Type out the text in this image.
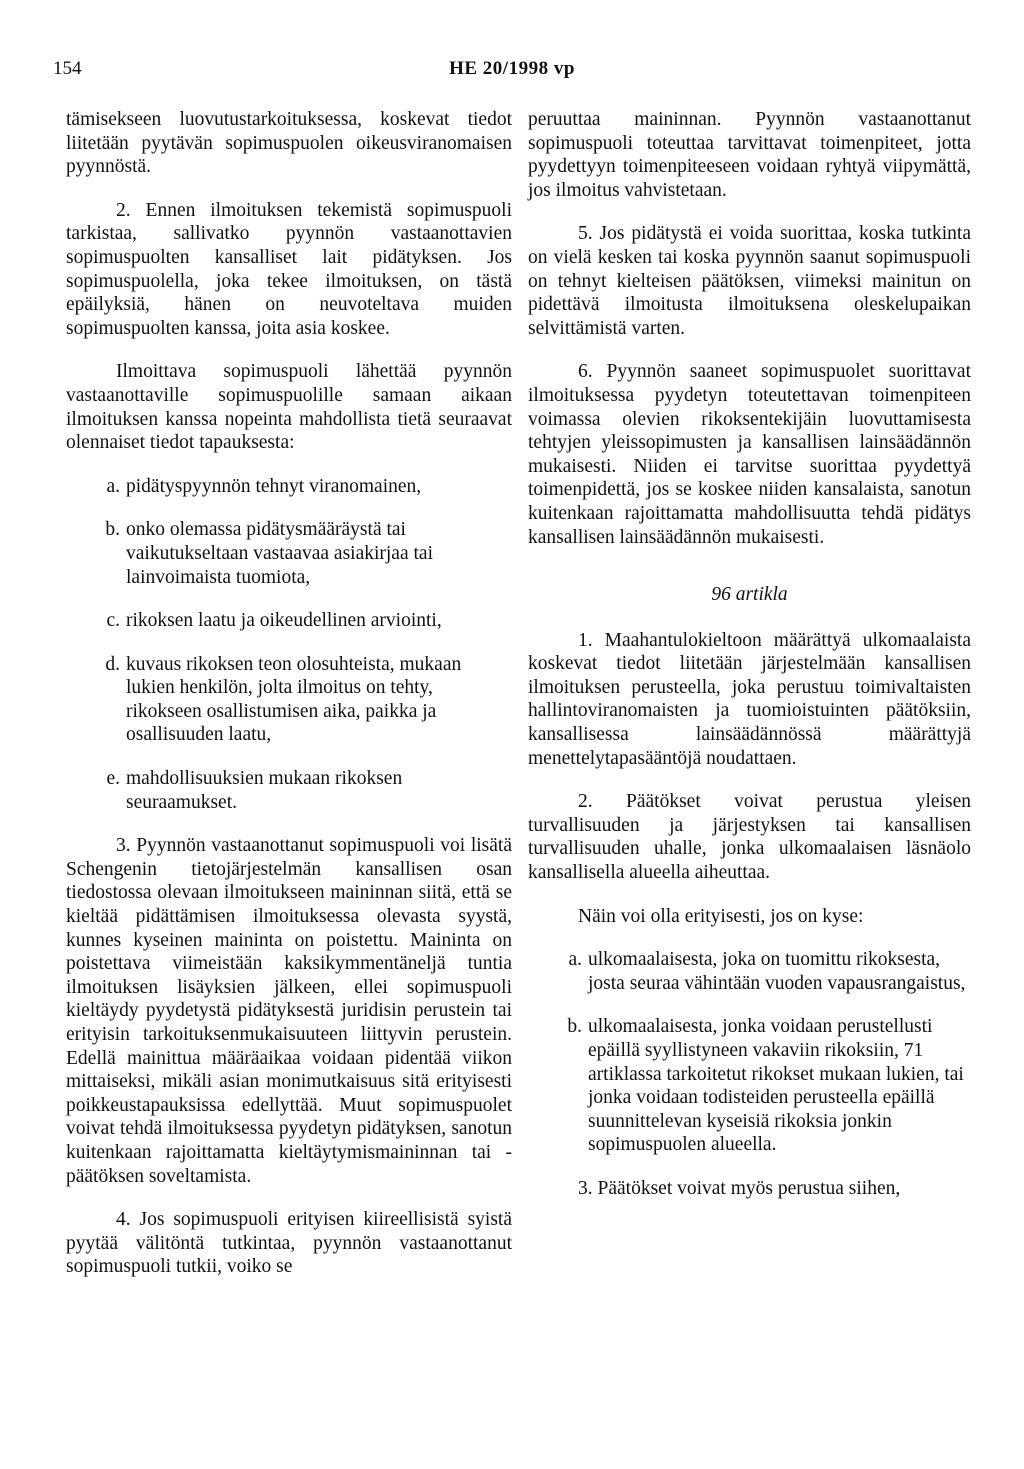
154	HE 20/1998 vp

tämisekseen luovutustarkoituksessa, koskevat tiedot liitetään pyytävän sopimuspuolen oikeusviranomaisen pyynnöstä.

2. Ennen ilmoituksen tekemistä sopimuspuoli tarkistaa, sallivatko pyynnön vastaanottavien sopimuspuolten kansalliset lait pidätyksen. Jos sopimuspuolella, joka tekee ilmoituksen, on tästä epäilyksiä, hänen on neuvoteltava muiden sopimuspuolten kanssa, joita asia koskee.

Ilmoittava sopimuspuoli lähettää pyynnön vastaanottaville sopimuspuolille samaan aikaan ilmoituksen kanssa nopeinta mahdollista tietä seuraavat olennaiset tiedot tapauksesta:

a. pidätyspyynnön tehnyt viranomainen,
b. onko olemassa pidätysmääräystä tai vaikutukseltaan vastaavaa asiakirjaa tai lainvoimaista tuomiota,
c. rikoksen laatu ja oikeudellinen arviointi,
d. kuvaus rikoksen teon olosuhteista, mukaan lukien henkilön, jolta ilmoitus on tehty, rikokseen osallistumisen aika, paikka ja osallisuuden laatu,
e. mahdollisuuksien mukaan rikoksen seuraamukset.

3. Pyynnön vastaanottanut sopimuspuoli voi lisätä Schengenin tietojärjestelmän kansallisen osan tiedostossa olevaan ilmoitukseen maininnan siitä, että se kieltää pidättämisen ilmoituksessa olevasta syystä, kunnes kyseinen maininta on poistettu. Maininta on poistettava viimeistään kaksikymmentäneljä tuntia ilmoituksen lisäyksien jälkeen, ellei sopimuspuoli kieltäydy pyydetystä pidätyksestä juridisin perustein tai erityisin tarkoituksenmukaisuuteen liittyvin perustein. Edellä mainittua määräaikaa voidaan pidentää viikon mittaiseksi, mikäli asian monimutkaisuus sitä erityisesti poikkeustapauksissa edellyttää. Muut sopimuspuolet voivat tehdä ilmoituksessa pyydetyn pidätyksen, sanotun kuitenkaan rajoittamatta kieltäytymismaininnan tai -päätöksen soveltamista.

4. Jos sopimuspuoli erityisen kiireellisistä syistä pyytää välitöntä tutkintaa, pyynnön vastaanottanut sopimuspuoli tutkii, voiko se

peruuttaa maininnan. Pyynnön vastaanottanut sopimuspuoli toteuttaa tarvittavat toimenpiteet, jotta pyydettyyn toimenpiteeseen voidaan ryhtyä viipymättä, jos ilmoitus vahvistetaan.

5. Jos pidätystä ei voida suorittaa, koska tutkinta on vielä kesken tai koska pyynnön saanut sopimuspuoli on tehnyt kielteisen päätöksen, viimeksi mainitun on pidettävä ilmoitusta ilmoituksena oleskelupaikan selvittämistä varten.

6. Pyynnön saaneet sopimuspuolet suorittavat ilmoituksessa pyydetyn toteutettavan toimenpiteen voimassa olevien rikoksentekijäin luovuttamisesta tehtyjen yleissopimusten ja kansallisen lainsäädännön mukaisesti. Niiden ei tarvitse suorittaa pyydettyä toimenpidettä, jos se koskee niiden kansalaista, sanotun kuitenkaan rajoittamatta mahdollisuutta tehdä pidätys kansallisen lainsäädännön mukaisesti.

96 artikla

1. Maahantulokieltoon määrättyä ulkomaalaista koskevat tiedot liitetään järjestelmään kansallisen ilmoituksen perusteella, joka perustuu toimivaltaisten hallintoviranomaisten ja tuomioistuinten päätöksiin, kansallisessa lainsäädännössä määrättyjä menettelytapasääntöjä noudattaen.

2. Päätökset voivat perustua yleisen turvallisuuden ja järjestyksen tai kansallisen turvallisuuden uhalle, jonka ulkomaalaisen läsnäolo kansallisella alueella aiheuttaa.

Näin voi olla erityisesti, jos on kyse:

a. ulkomaalaisesta, joka on tuomittu rikoksesta, josta seuraa vähintään vuoden vapausrangaistus,
b. ulkomaalaisesta, jonka voidaan perustellusti epäillä syyllistyneen vakaviin rikoksiin, 71 artiklassa tarkoitetut rikokset mukaan lukien, tai jonka voidaan todisteiden perusteella epäillä suunnittelevan kyseisiä rikoksia jonkin sopimuspuolen alueella.

3. Päätökset voivat myös perustua siihen,
